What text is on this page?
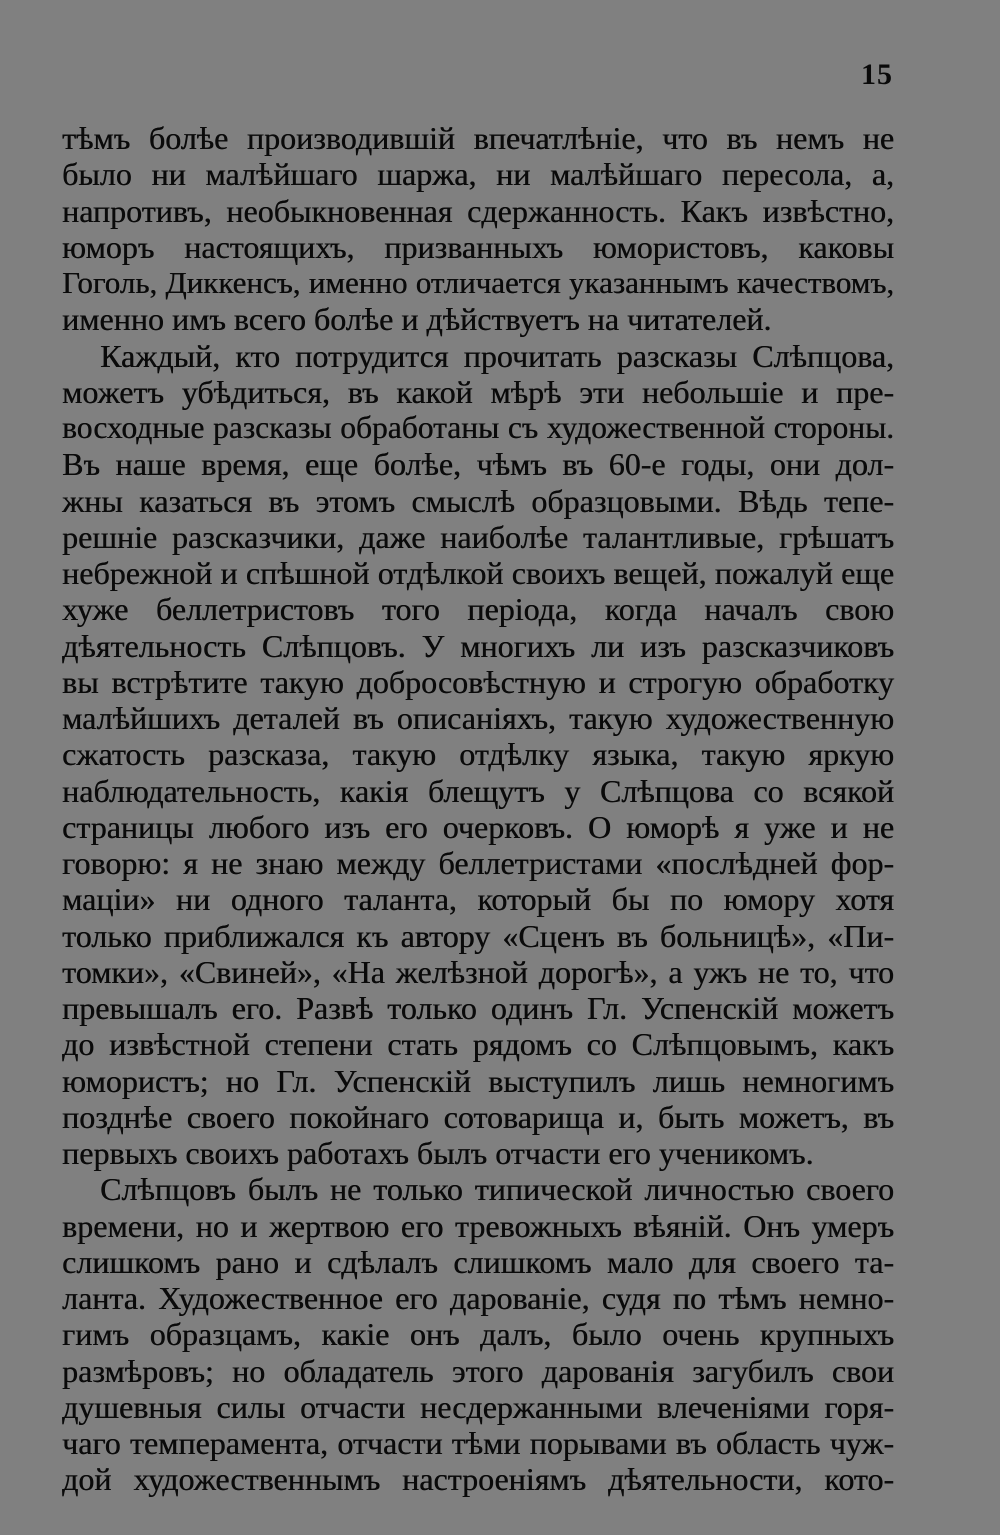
15
тѣмъ болѣе производившій впечатлѣніе, что въ немъ не
было ни малѣйшаго шаржа, ни малѣйшаго пересола, а,
напротивъ, необыкновенная сдержанность. Какъ извѣстно,
юморъ настоящихъ, призванныхъ юмористовъ, каковы
Гоголь, Диккенсъ, именно отличается указаннымъ качествомъ,
именно имъ всего болѣе и дѣйствуетъ на читателей.
Каждый, кто потрудится прочитать разсказы Слѣпцова,
можетъ убѣдиться, въ какой мѣрѣ эти небольшіе и пре-
восходные разсказы обработаны съ художественной стороны.
Въ наше время, еще болѣе, чѣмъ въ 60-е годы, они дол-
жны казаться въ этомъ смыслѣ образцовыми. Вѣдь тепе-
решніе разсказчики, даже наиболѣе талантливые, грѣшатъ
небрежной и спѣшной отдѣлкой своихъ вещей, пожалуй еще
хуже беллетристовъ того періода, когда началъ свою
дѣятельность Слѣпцовъ. У многихъ ли изъ разсказчиковъ
вы встрѣтите такую добросовѣстную и строгую обработку
малѣйшихъ деталей въ описаніяхъ, такую художественную
сжатость разсказа, такую отдѣлку языка, такую яркую
наблюдательность, какія блещутъ у Слѣпцова со всякой
страницы любого изъ его очерковъ. О юморѣ я уже и не
говорю: я не знаю между беллетристами «послѣдней фор-
маціи» ни одного таланта, который бы по юмору хотя
только приближался къ автору «Сценъ въ больницѣ», «Пи-
томки», «Свиней», «На желѣзной дорогѣ», а ужъ не то, что
превышалъ его. Развѣ только одинъ Гл. Успенскій можетъ
до извѣстной степени стать рядомъ со Слѣпцовымъ, какъ
юмористъ; но Гл. Успенскій выступилъ лишь немногимъ
позднѣе своего покойнаго сотоварища и, быть можетъ, въ
первыхъ своихъ работахъ былъ отчасти его ученикомъ.
Слѣпцовъ былъ не только типической личностью своего
времени, но и жертвою его тревожныхъ вѣяній. Онъ умеръ
слишкомъ рано и сдѣлалъ слишкомъ мало для своего та-
ланта. Художественное его дарованіе, судя по тѣмъ немно-
гимъ образцамъ, какіе онъ далъ, было очень крупныхъ
размѣровъ; но обладатель этого дарованія загубилъ свои
душевныя силы отчасти несдержанными влеченіями горя-
чаго темперамента, отчасти тѣми порывами въ область чуж-
дой художественнымъ настроеніямъ дѣятельности, кото-
